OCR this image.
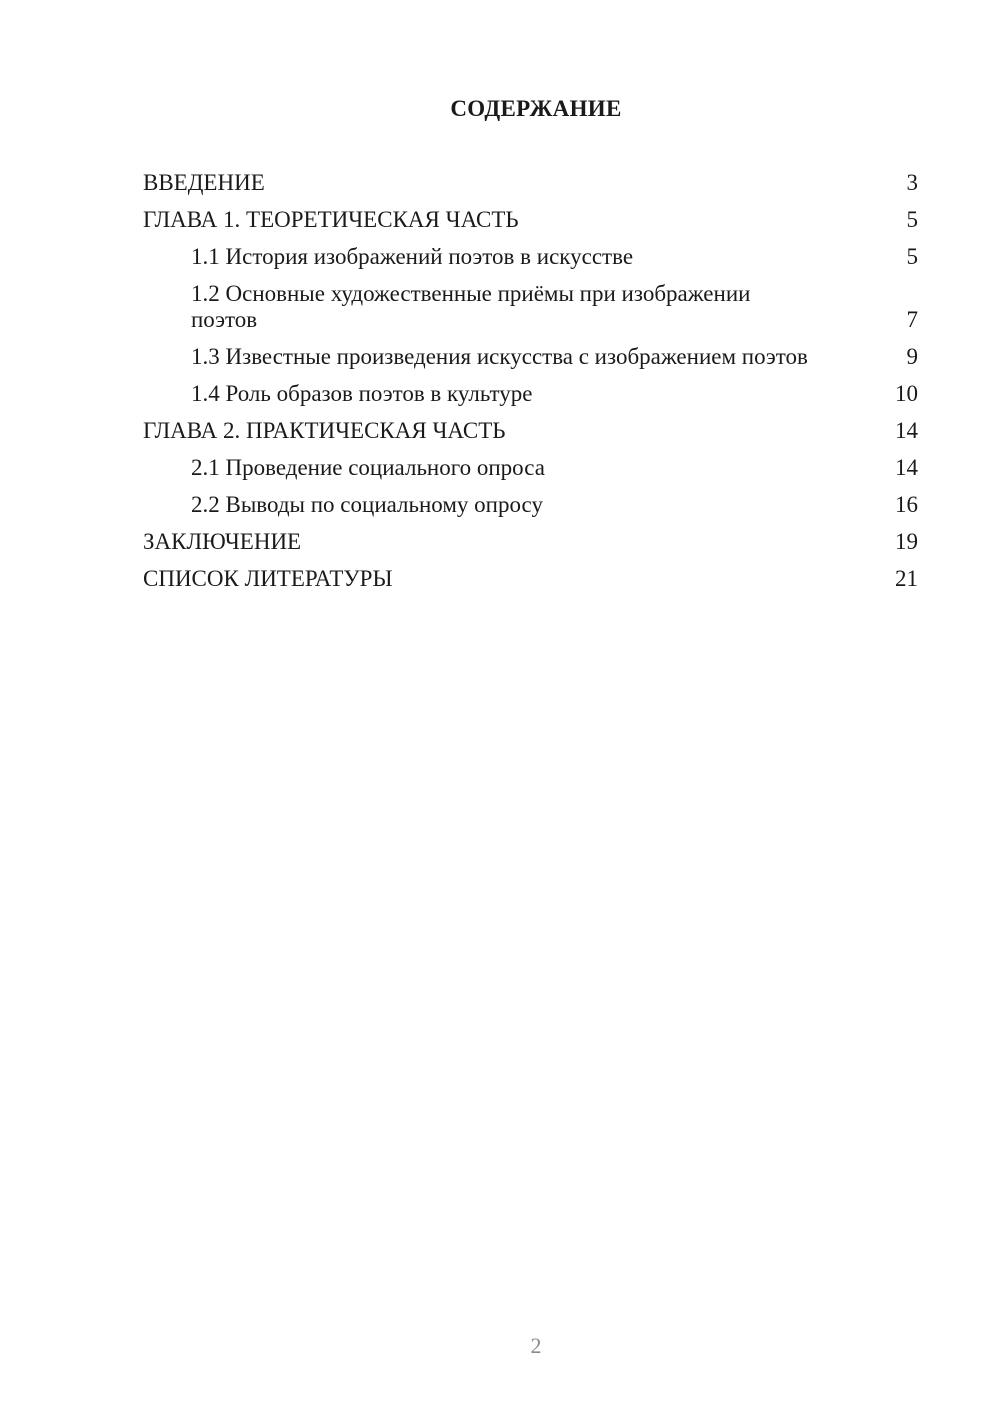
СОДЕРЖАНИЕ
ВВЕДЕНИЕ	3
ГЛАВА 1. ТЕОРЕТИЧЕСКАЯ ЧАСТЬ	5
1.1 История изображений поэтов в искусстве	5
1.2 Основные художественные приёмы при изображении поэтов	7
1.3 Известные произведения искусства с изображением поэтов	9
1.4 Роль образов поэтов в культуре	10
ГЛАВА 2. ПРАКТИЧЕСКАЯ ЧАСТЬ	14
2.1 Проведение социального опроса	14
2.2 Выводы по социальному опросу	16
ЗАКЛЮЧЕНИЕ	19
СПИСОК ЛИТЕРАТУРЫ	21
2
